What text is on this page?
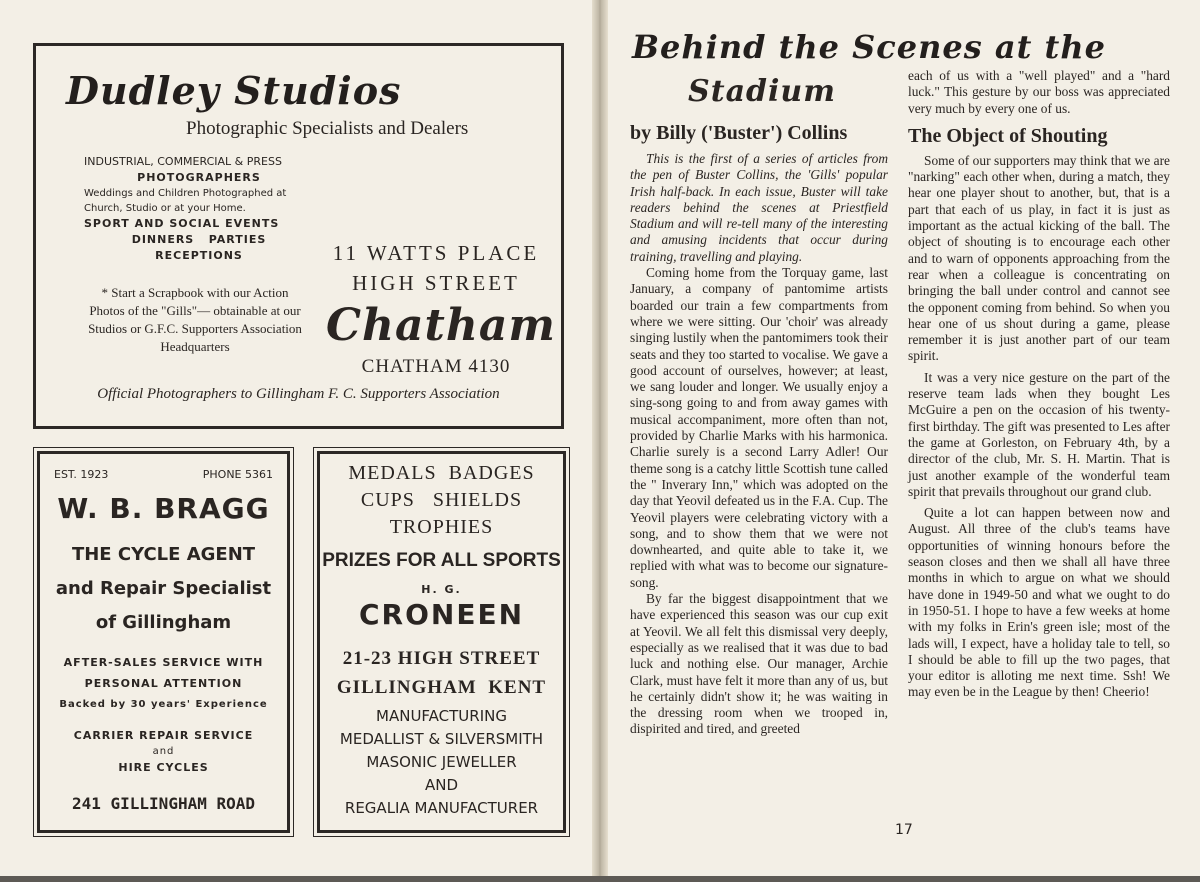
Dudley Studios
Photographic Specialists and Dealers
INDUSTRIAL, COMMERCIAL & PRESS
PHOTOGRAPHERS
Weddings and Children Photographed at
Church, Studio or at your Home.
SPORT AND SOCIAL EVENTS
DINNERS   PARTIES
RECEPTIONS
* Start a Scrapbook with our Action Photos of the "Gills"— obtainable at our Studios or G.F.C. Supporters Association Headquarters
11 WATTS PLACE
HIGH STREET
Chatham
CHATHAM 4130
Official Photographers to Gillingham F. C. Supporters Association
EST. 1923	PHONE 5361
W. B. BRAGG
THE CYCLE AGENT
and Repair Specialist
of Gillingham
AFTER-SALES SERVICE WITH
PERSONAL ATTENTION
Backed by 30 years' Experience
CARRIER REPAIR SERVICE
and
HIRE CYCLES
241 GILLINGHAM ROAD
MEDALS  BADGES
CUPS   SHIELDS
TROPHIES
PRIZES FOR ALL SPORTS
H. G.
CRONEEN
21-23 HIGH STREET
GILLINGHAM  KENT
MANUFACTURING
MEDALLIST & SILVERSMITH
MASONIC JEWELLER
AND
REGALIA MANUFACTURER
Behind the Scenes at the
Stadium
by Billy ('Buster') Collins

This is the first of a series of articles from the pen of Buster Collins, the 'Gills' popular Irish half-back. In each issue, Buster will take readers behind the scenes at Priestfield Stadium and will re-tell many of the interesting and amusing incidents that occur during training, travelling and playing.

Coming home from the Torquay game, last January, a company of pantomime artists boarded our train a few compartments from where we were sitting. Our 'choir' was already singing lustily when the pantomimers took their seats and they too started to vocalise. We gave a good account of ourselves, however; at least, we sang louder and longer. We usually enjoy a sing-song going to and from away games with musical accompaniment, more often than not, provided by Charlie Marks with his harmonica. Charlie surely is a second Larry Adler! Our theme song is a catchy little Scottish tune called the " Inverary Inn," which was adopted on the day that Yeovil defeated us in the F.A. Cup. The Yeovil players were celebrating victory with a song, and to show them that we were not downhearted, and quite able to take it, we replied with what was to become our signature-song.

By far the biggest disappointment that we have experienced this season was our cup exit at Yeovil. We all felt this dismissal very deeply, especially as we realised that it was due to bad luck and nothing else. Our manager, Archie Clark, must have felt it more than any of us, but he certainly didn't show it; he was waiting in the dressing room when we trooped in, dispirited and tired, and greeted

each of us with a "well played" and a "hard luck." This gesture by our boss was appreciated very much by every one of us.

The Object of Shouting

Some of our supporters may think that we are "narking" each other when, during a match, they hear one player shout to another, but, that is a part that each of us play, in fact it is just as important as the actual kicking of the ball. The object of shouting is to encourage each other and to warn of opponents approaching from the rear when a colleague is concentrating on bringing the ball under control and cannot see the opponent coming from behind. So when you hear one of us shout during a game, please remember it is just another part of our team spirit.

It was a very nice gesture on the part of the reserve team lads when they bought Les McGuire a pen on the occasion of his twenty-first birthday. The gift was presented to Les after the game at Gorleston, on February 4th, by a director of the club, Mr. S. H. Martin. That is just another example of the wonderful team spirit that prevails throughout our grand club.

Quite a lot can happen between now and August. All three of the club's teams have opportunities of winning honours before the season closes and then we shall all have three months in which to argue on what we should have done in 1949-50 and what we ought to do in 1950-51. I hope to have a few weeks at home with my folks in Erin's green isle; most of the lads will, I expect, have a holiday tale to tell, so I should be able to fill up the two pages, that your editor is alloting me next time. Ssh! We may even be in the League by then! Cheerio!

17
